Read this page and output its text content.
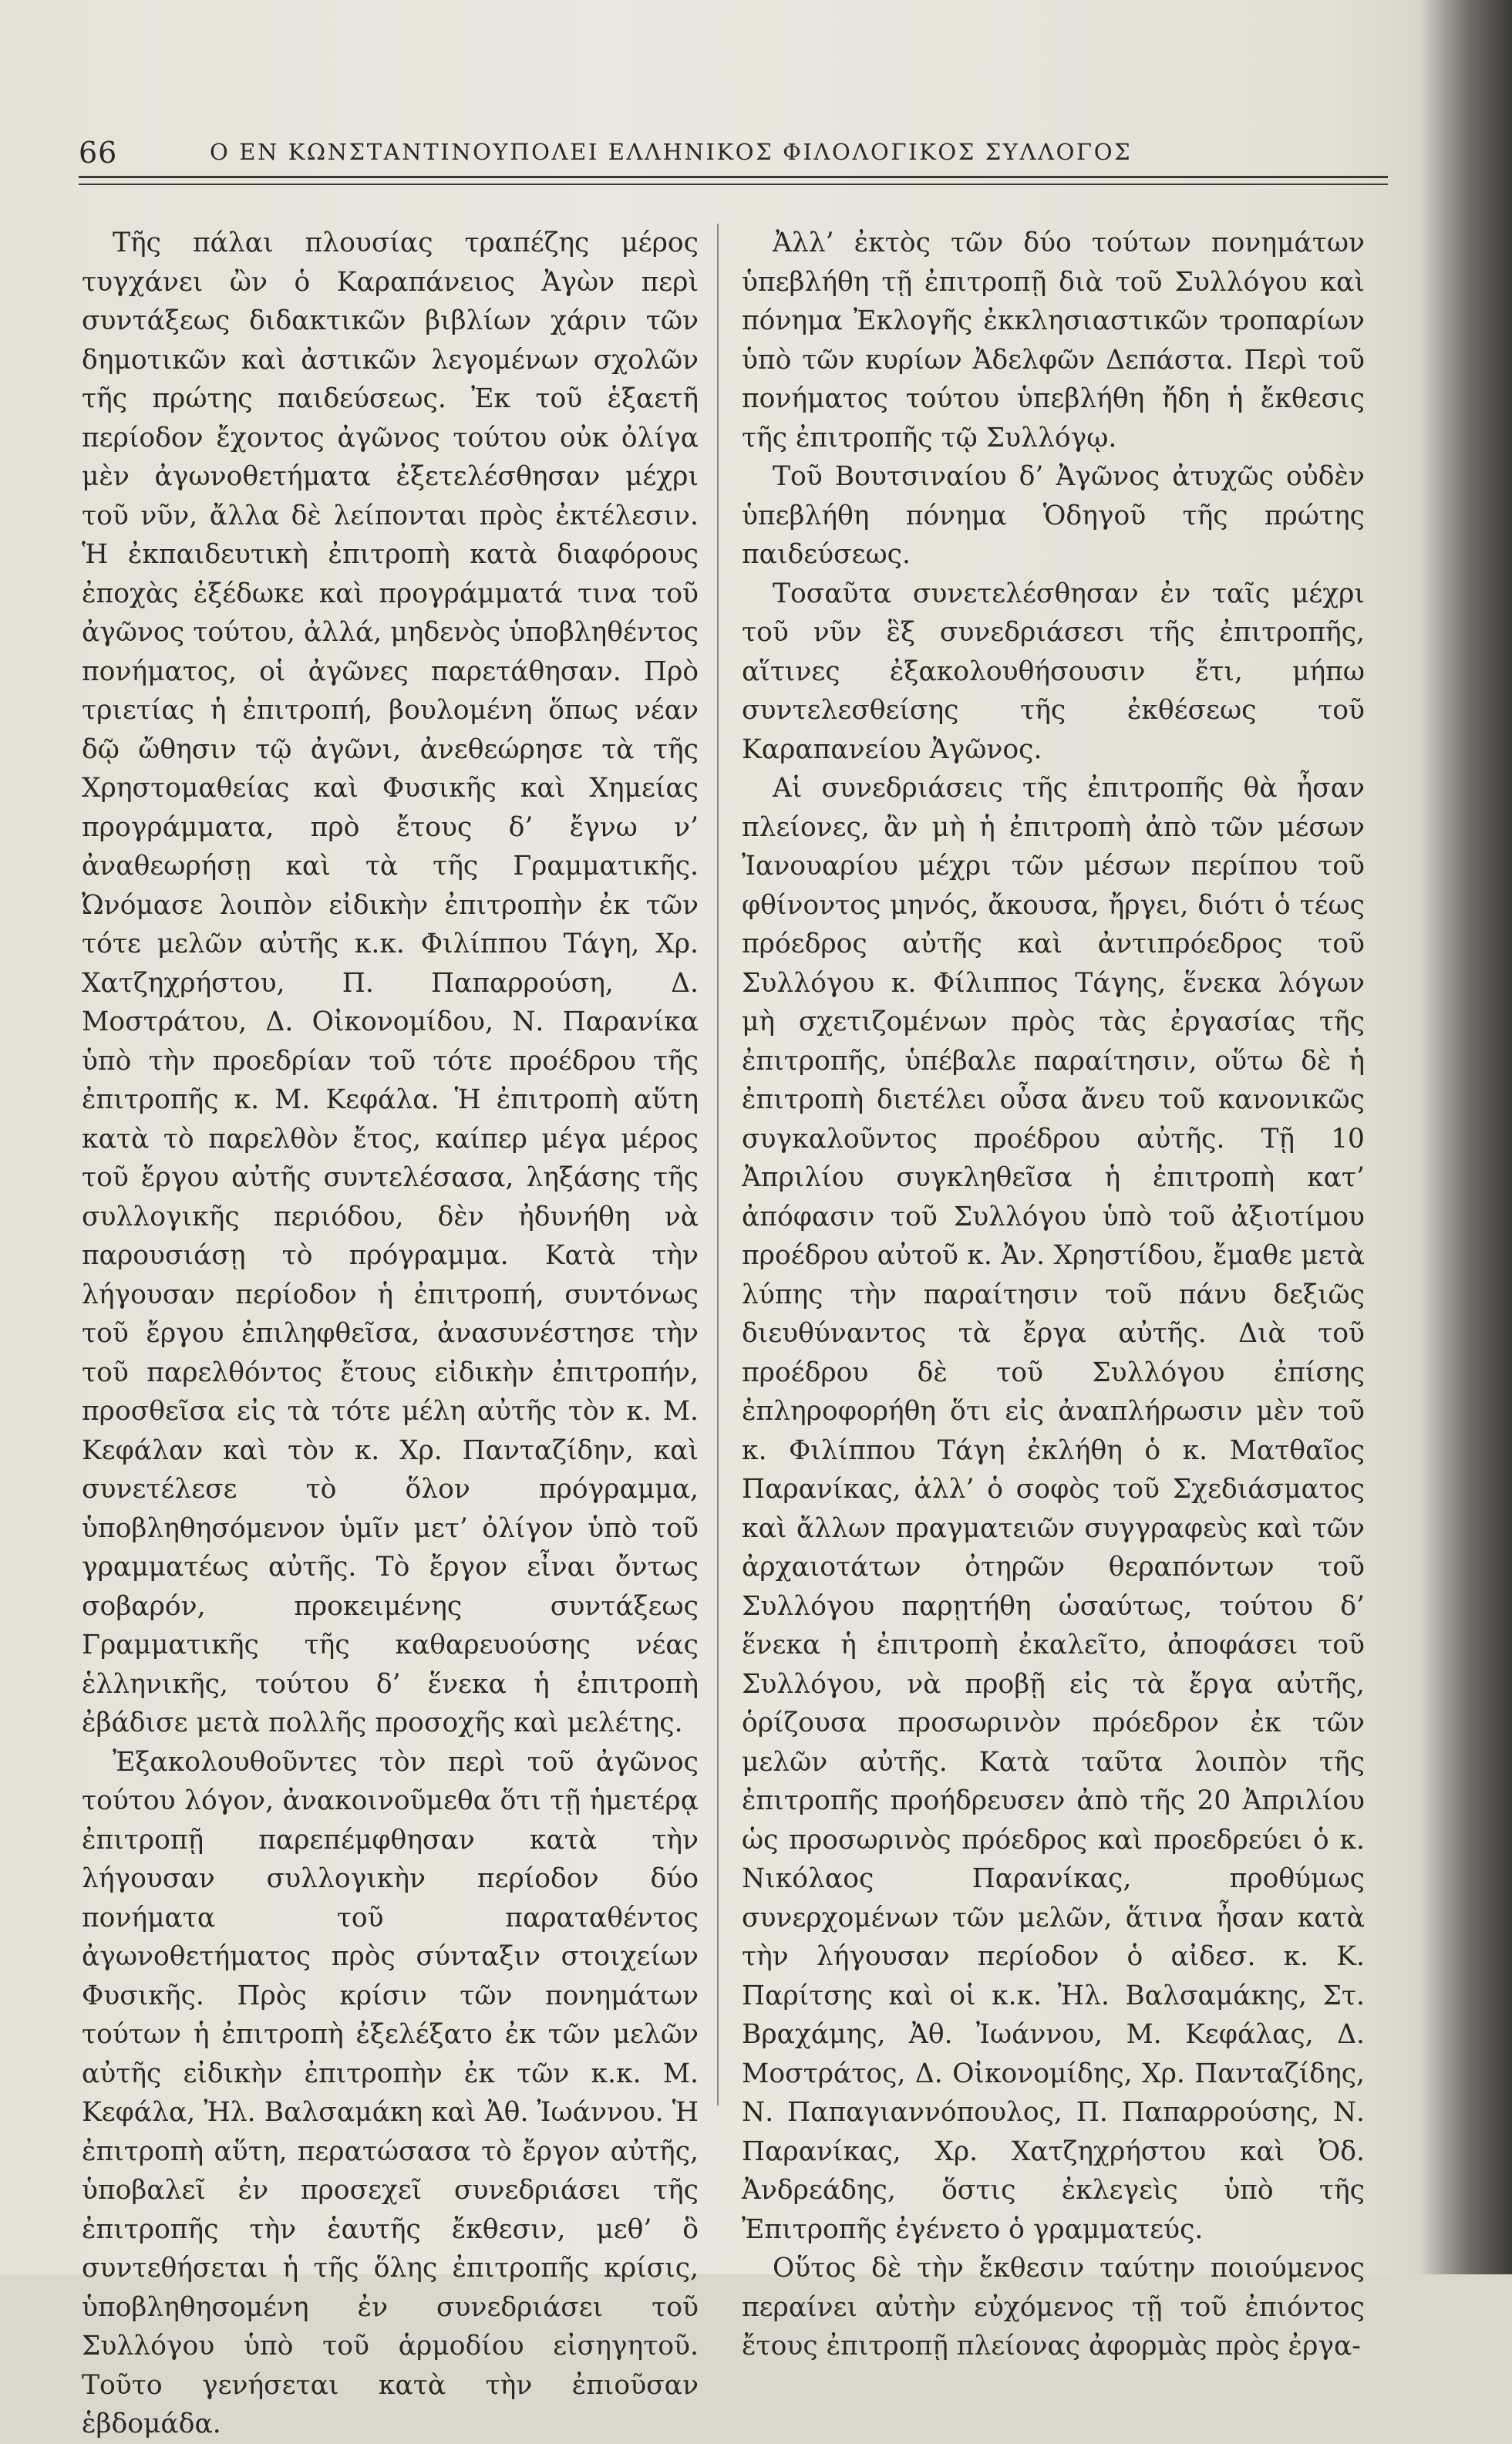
66	Ο ΕΝ ΚΩΝΣΤΑΝΤΙΝΟΥΠΟΛΕΙ ΕΛΛΗΝΙΚΟΣ ΦΙΛΟΛΟΓΙΚΟΣ ΣΥΛΛΟΓΟΣ

Τῆς πάλαι πλουσίας τραπέζης μέρος τυγχάνει ὢν ὁ Καραπάνειος Ἀγὼν περὶ συντάξεως διδακτικῶν βιβλίων χάριν τῶν δημοτικῶν καὶ ἀστικῶν λεγομένων σχολῶν τῆς πρώτης παιδεύσεως. Ἐκ τοῦ ἑξαετῆ περίοδον ἔχοντος ἀγῶνος τούτου οὐκ ὀλίγα μὲν ἀγωνοθετήματα ἐξετελέσθησαν μέχρι τοῦ νῦν, ἄλλα δὲ λείπονται πρὸς ἐκτέλεσιν. Ἡ ἐκπαιδευτικὴ ἐπιτροπὴ κατὰ διαφόρους ἐποχὰς ἐξέδωκε καὶ προγράμματά τινα τοῦ ἀγῶνος τούτου, ἀλλά, μηδενὸς ὑποβληθέντος πονήματος, οἱ ἀγῶνες παρετάθησαν. Πρὸ τριετίας ἡ ἐπιτροπή, βουλομένη ὅπως νέαν δῷ ὤθησιν τῷ ἀγῶνι, ἀνεθεώρησε τὰ τῆς Χρηστομαθείας καὶ Φυσικῆς καὶ Χημείας προγράμματα, πρὸ ἔτους δ’ ἔγνω ν’ ἀναθεωρήσῃ καὶ τὰ τῆς Γραμματικῆς. Ὠνόμασε λοιπὸν εἰδικὴν ἐπιτροπὴν ἐκ τῶν τότε μελῶν αὐτῆς κ.κ. Φιλίππου Τάγη, Χρ. Χατζηχρήστου, Π. Παπαρρούση, Δ. Μοστράτου, Δ. Οἰκονομίδου, Ν. Παρανίκα ὑπὸ τὴν προεδρίαν τοῦ τότε προέδρου τῆς ἐπιτροπῆς κ. Μ. Κεφάλα. Ἡ ἐπιτροπὴ αὕτη κατὰ τὸ παρελθὸν ἔτος, καίπερ μέγα μέρος τοῦ ἔργου αὐτῆς συντελέσασα, ληξάσης τῆς συλλογικῆς περιόδου, δὲν ἠδυνήθη νὰ παρουσιάσῃ τὸ πρόγραμμα. Κατὰ τὴν λήγουσαν περίοδον ἡ ἐπιτροπή, συντόνως τοῦ ἔργου ἐπιληφθεῖσα, ἀνασυνέστησε τὴν τοῦ παρελθόντος ἔτους εἰδικὴν ἐπιτροπήν, προσθεῖσα εἰς τὰ τότε μέλη αὐτῆς τὸν κ. Μ. Κεφάλαν καὶ τὸν κ. Χρ. Πανταζίδην, καὶ συνετέλεσε τὸ ὅλον πρόγραμμα, ὑποβληθησόμενον ὑμῖν μετ’ ὀλίγον ὑπὸ τοῦ γραμματέως αὐτῆς. Τὸ ἔργον εἶναι ὄντως σοβαρόν, προκειμένης συντάξεως Γραμματικῆς τῆς καθαρευούσης νέας ἑλληνικῆς, τούτου δ’ ἕνεκα ἡ ἐπιτροπὴ ἐβάδισε μετὰ πολλῆς προσοχῆς καὶ μελέτης.

Ἐξακολουθοῦντες τὸν περὶ τοῦ ἀγῶνος τούτου λόγον, ἀνακοινοῦμεθα ὅτι τῇ ἡμετέρᾳ ἐπιτροπῇ παρεπέμφθησαν κατὰ τὴν λήγουσαν συλλογικὴν περίοδον δύο πονήματα τοῦ παραταθέντος ἀγωνοθετήματος πρὸς σύνταξιν στοιχείων Φυσικῆς. Πρὸς κρίσιν τῶν πονημάτων τούτων ἡ ἐπιτροπὴ ἐξελέξατο ἐκ τῶν μελῶν αὐτῆς εἰδικὴν ἐπιτροπὴν ἐκ τῶν κ.κ. Μ. Κεφάλα, Ἠλ. Βαλσαμάκη καὶ Ἀθ. Ἰωάννου. Ἡ ἐπιτροπὴ αὕτη, περατώσασα τὸ ἔργον αὐτῆς, ὑποβαλεῖ ἐν προσεχεῖ συνεδριάσει τῆς ἐπιτροπῆς τὴν ἑαυτῆς ἔκθεσιν, μεθ’ ὃ συντεθήσεται ἡ τῆς ὅλης ἐπιτροπῆς κρίσις, ὑποβληθησομένη ἐν συνεδριάσει τοῦ Συλλόγου ὑπὸ τοῦ ἁρμοδίου εἰσηγητοῦ. Τοῦτο γενήσεται κατὰ τὴν ἐπιοῦσαν ἑβδομάδα.

Ἀλλ’ ἐκτὸς τῶν δύο τούτων πονημάτων ὑπεβλήθη τῇ ἐπιτροπῇ διὰ τοῦ Συλλόγου καὶ πόνημα Ἐκλογῆς ἐκκλησιαστικῶν τροπαρίων ὑπὸ τῶν κυρίων Ἀδελφῶν Δεπάστα. Περὶ τοῦ πονήματος τούτου ὑπεβλήθη ἤδη ἡ ἔκθεσις τῆς ἐπιτροπῆς τῷ Συλλόγῳ.

Τοῦ Βουτσιναίου δ’ Ἀγῶνος ἀτυχῶς οὐδὲν ὑπεβλήθη πόνημα Ὁδηγοῦ τῆς πρώτης παιδεύσεως.

Τοσαῦτα συνετελέσθησαν ἐν ταῖς μέχρι τοῦ νῦν ἓξ συνεδριάσεσι τῆς ἐπιτροπῆς, αἵτινες ἐξακολουθήσουσιν ἔτι, μήπω συντελεσθείσης τῆς ἐκθέσεως τοῦ Καραπανείου Ἀγῶνος.

Αἱ συνεδριάσεις τῆς ἐπιτροπῆς θὰ ἦσαν πλείονες, ἂν μὴ ἡ ἐπιτροπὴ ἀπὸ τῶν μέσων Ἰανουαρίου μέχρι τῶν μέσων περίπου τοῦ φθίνοντος μηνός, ἄκουσα, ἤργει, διότι ὁ τέως πρόεδρος αὐτῆς καὶ ἀντιπρόεδρος τοῦ Συλλόγου κ. Φίλιππος Τάγης, ἕνεκα λόγων μὴ σχετιζομένων πρὸς τὰς ἐργασίας τῆς ἐπιτροπῆς, ὑπέβαλε παραίτησιν, οὕτω δὲ ἡ ἐπιτροπὴ διετέλει οὖσα ἄνευ τοῦ κανονικῶς συγκαλοῦντος προέδρου αὐτῆς. Τῇ 10 Ἀπριλίου συγκληθεῖσα ἡ ἐπιτροπὴ κατ’ ἀπόφασιν τοῦ Συλλόγου ὑπὸ τοῦ ἀξιοτίμου προέδρου αὐτοῦ κ. Ἀν. Χρηστίδου, ἔμαθε μετὰ λύπης τὴν παραίτησιν τοῦ πάνυ δεξιῶς διευθύναντος τὰ ἔργα αὐτῆς. Διὰ τοῦ προέδρου δὲ τοῦ Συλλόγου ἐπίσης ἐπληροφορήθη ὅτι εἰς ἀναπλήρωσιν μὲν τοῦ κ. Φιλίππου Τάγη ἐκλήθη ὁ κ. Ματθαῖος Παρανίκας, ἀλλ’ ὁ σοφὸς τοῦ Σχεδιάσματος καὶ ἄλλων πραγματειῶν συγγραφεὺς καὶ τῶν ἀρχαιοτάτων ὀτηρῶν θεραπόντων τοῦ Συλλόγου παρῃτήθη ὡσαύτως, τούτου δ’ ἕνεκα ἡ ἐπιτροπὴ ἐκαλεῖτο, ἀποφάσει τοῦ Συλλόγου, νὰ προβῇ εἰς τὰ ἔργα αὐτῆς, ὁρίζουσα προσωρινὸν πρόεδρον ἐκ τῶν μελῶν αὐτῆς. Κατὰ ταῦτα λοιπὸν τῆς ἐπιτροπῆς προήδρευσεν ἀπὸ τῆς 20 Ἀπριλίου ὡς προσωρινὸς πρόεδρος καὶ προεδρεύει ὁ κ. Νικόλαος Παρανίκας, προθύμως συνερχομένων τῶν μελῶν, ἅτινα ἦσαν κατὰ τὴν λήγουσαν περίοδον ὁ αἰδεσ. κ. Κ. Παρίτσης καὶ οἱ κ.κ. Ἠλ. Βαλσαμάκης, Στ. Βραχάμης, Ἀθ. Ἰωάννου, Μ. Κεφάλας, Δ. Μοστράτος, Δ. Οἰκονομίδης, Χρ. Πανταζίδης, Ν. Παπαγιαννόπουλος, Π. Παπαρρούσης, Ν. Παρανίκας, Χρ. Χατζηχρήστου καὶ Ὀδ. Ἀνδρεάδης, ὅστις ἐκλεγεὶς ὑπὸ τῆς Ἐπιτροπῆς ἐγένετο ὁ γραμματεύς.

Οὕτος δὲ τὴν ἔκθεσιν ταύτην ποιούμενος περαίνει αὐτὴν εὐχόμενος τῇ τοῦ ἐπιόντος ἔτους ἐπιτροπῇ πλείονας ἀφορμὰς πρὸς ἐργα-
